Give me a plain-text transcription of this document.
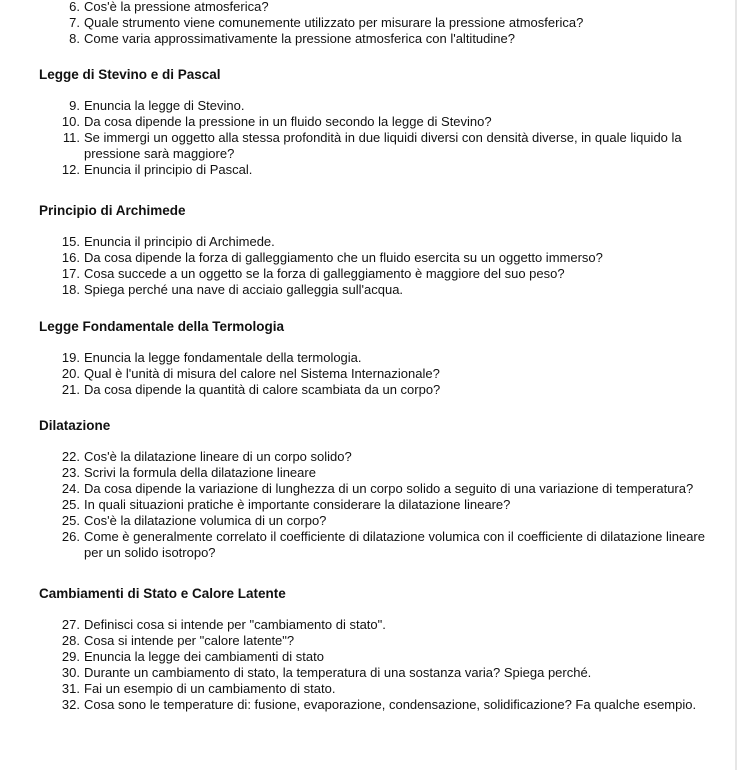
6. Cos'è la pressione atmosferica?
7. Quale strumento viene comunemente utilizzato per misurare la pressione atmosferica?
8. Come varia approssimativamente la pressione atmosferica con l'altitudine?
Legge di Stevino e di Pascal
9. Enuncia la legge di Stevino.
10. Da cosa dipende la pressione in un fluido secondo la legge di Stevino?
11. Se immergi un oggetto alla stessa profondità in due liquidi diversi con densità diverse, in quale liquido la pressione sarà maggiore?
12. Enuncia il principio di Pascal.
Principio di Archimede
15. Enuncia il principio di Archimede.
16. Da cosa dipende la forza di galleggiamento che un fluido esercita su un oggetto immerso?
17. Cosa succede a un oggetto se la forza di galleggiamento è maggiore del suo peso?
18. Spiega perché una nave di acciaio galleggia sull'acqua.
Legge Fondamentale della Termologia
19. Enuncia la legge fondamentale della termologia.
20. Qual è l'unità di misura del calore nel Sistema Internazionale?
21. Da cosa dipende la quantità di calore scambiata da un corpo?
Dilatazione
22. Cos'è la dilatazione lineare di un corpo solido?
23. Scrivi la formula della dilatazione lineare
24. Da cosa dipende la variazione di lunghezza di un corpo solido a seguito di una variazione di temperatura?
25. In quali situazioni pratiche è importante considerare la dilatazione lineare?
25. Cos'è la dilatazione volumica di un corpo?
26. Come è generalmente correlato il coefficiente di dilatazione volumica con il coefficiente di dilatazione lineare per un solido isotropo?
Cambiamenti di Stato e Calore Latente
27. Definisci cosa si intende per "cambiamento di stato".
28. Cosa si intende per "calore latente"?
29. Enuncia la legge dei cambiamenti di stato
30. Durante un cambiamento di stato, la temperatura di una sostanza varia? Spiega perché.
31. Fai un esempio di un cambiamento di stato.
32. Cosa sono le temperature di: fusione, evaporazione, condensazione, solidificazione? Fa qualche esempio.
